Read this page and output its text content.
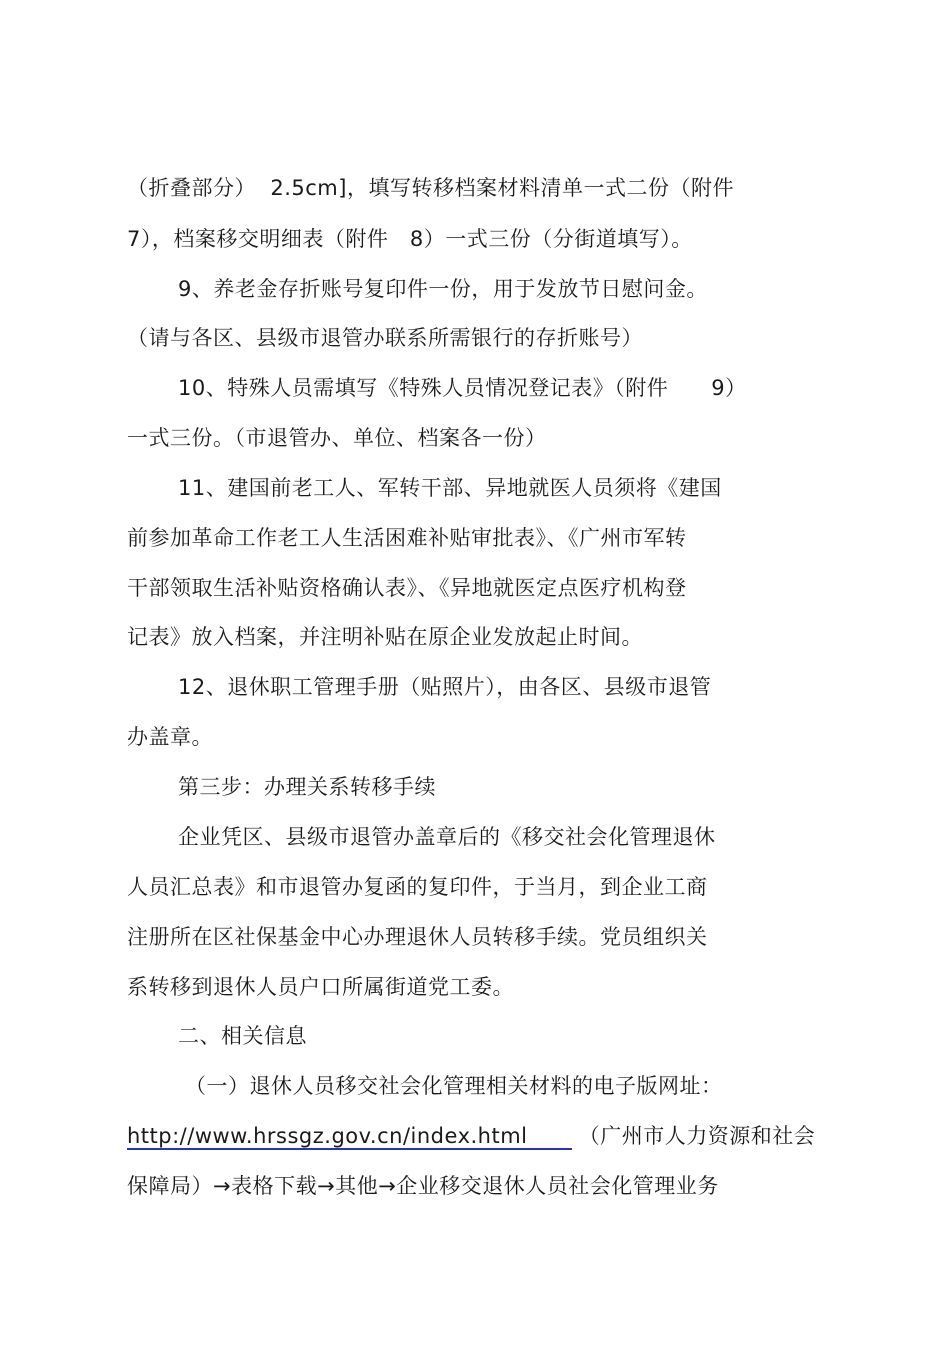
（折叠部分）  2.5cm]，填写转移档案材料清单一式二份（附件
7），档案移交明细表（附件   8）一式三份（分街道填写）。
9、养老金存折账号复印件一份，用于发放节日慰问金。
（请与各区、县级市退管办联系所需银行的存折账号）
10、特殊人员需填写《特殊人员情况登记表》（附件      9）
一式三份。（市退管办、单位、档案各一份）
11、建国前老工人、军转干部、异地就医人员须将《建国
前参加革命工作老工人生活困难补贴审批表》、《广州市军转
干部领取生活补贴资格确认表》、《异地就医定点医疗机构登
记表》放入档案，并注明补贴在原企业发放起止时间。
12、退休职工管理手册（贴照片），由各区、县级市退管
办盖章。
第三步：办理关系转移手续
企业凭区、县级市退管办盖章后的《移交社会化管理退休
人员汇总表》和市退管办复函的复印件，于当月，到企业工商
注册所在区社保基金中心办理退休人员转移手续。党员组织关
系转移到退休人员户口所属街道党工委。
二、相关信息
（一）退休人员移交社会化管理相关材料的电子版网址：
http://www.hrssgz.gov.cn/index.html （广州市人力资源和社会
保障局）→表格下载→其他→企业移交退休人员社会化管理业务
